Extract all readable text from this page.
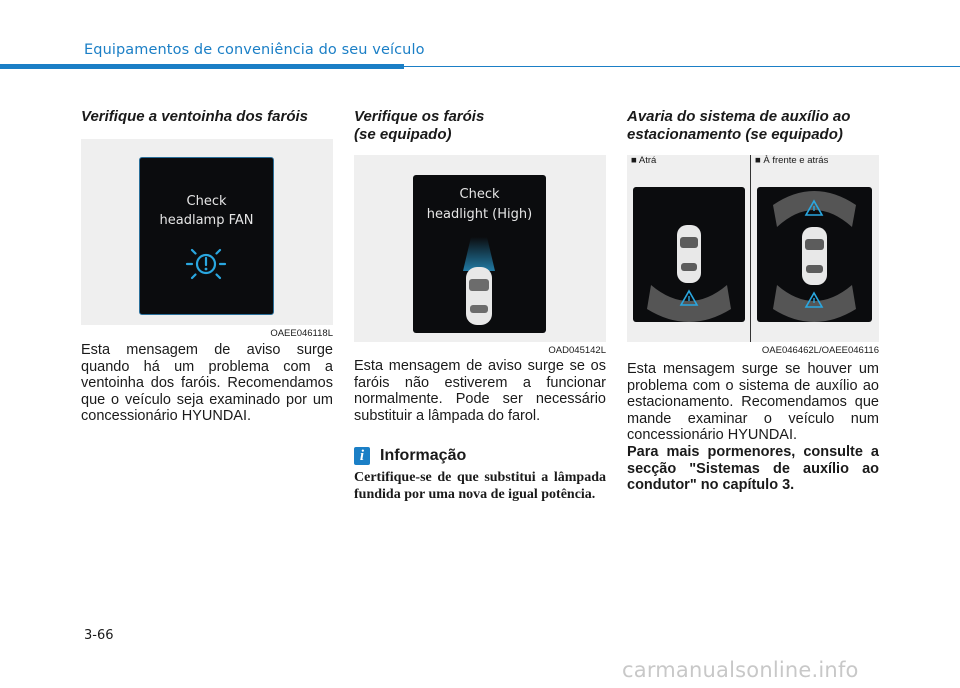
Equipamentos de conveniência do seu veículo
Verifique a ventoinha dos faróis
Check
headlamp FAN
OAEE046118L

Esta mensagem de aviso surge quando há um problema com a ventoinha dos faróis. Recomendamos que o veículo seja examinado por um concessionário HYUNDAI.

Verifique os faróis
(se equipado)
Check
headlight (High)
OAD045142L

Esta mensagem de aviso surge se os faróis não estiverem a funcionar normalmente. Pode ser necessário substituir a lâmpada do farol.

i Informação

Certifique-se de que substitui a lâmpada fundida por uma nova de igual potência.

Avaria do sistema de auxílio ao
estacionamento (se equipado)
■ Atrá	■ À frente e atrás
OAE046462L/OAEE046116

Esta mensagem surge se houver um problema com o sistema de auxílio ao estacionamento. Recomendamos que mande examinar o veículo num concessionário HYUNDAI.

Para mais pormenores, consulte a secção "Sistemas de auxílio ao condutor" no capítulo 3.

3-66
carmanualsonline.info
